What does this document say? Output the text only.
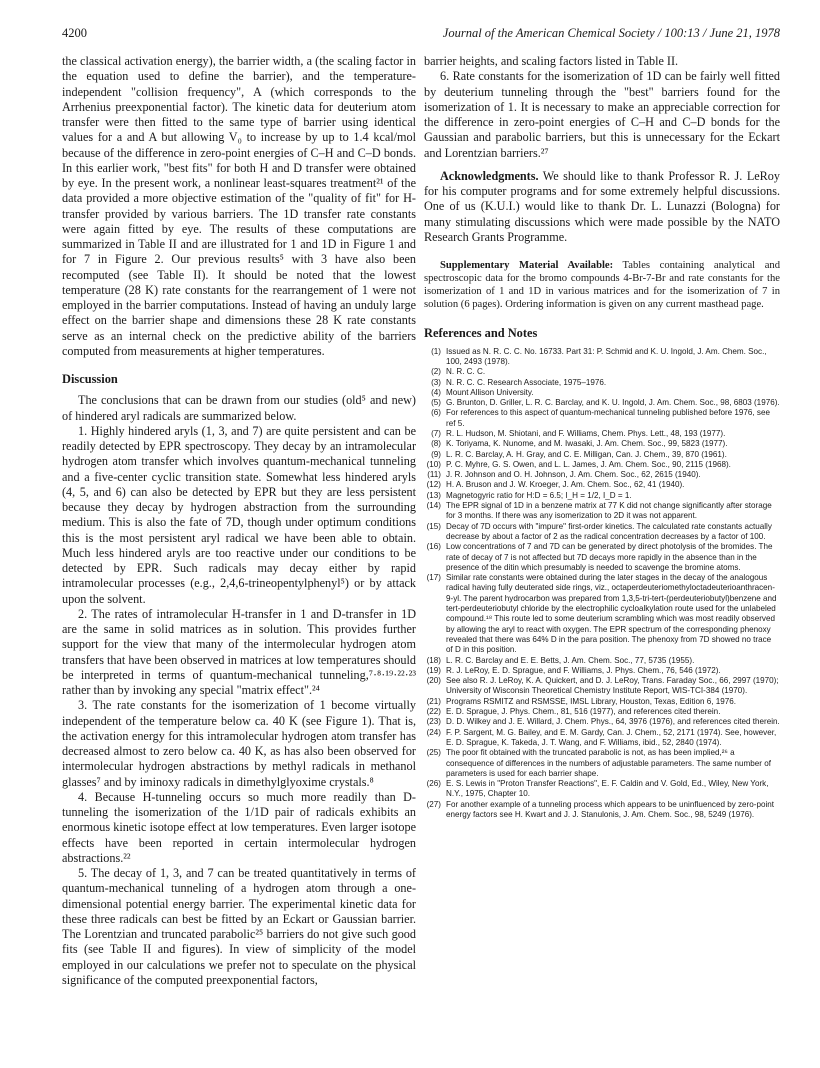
4200	Journal of the American Chemical Society / 100:13 / June 21, 1978

the classical activation energy), the barrier width, a (the scaling factor in the equation used to define the barrier), and the temperature-independent "collision frequency", A (which corresponds to the Arrhenius preexponential factor). The kinetic data for deuterium atom transfer were then fitted to the same type of barrier using identical values for a and A but allowing V₀ to increase by up to 1.4 kcal/mol because of the difference in zero-point energies of C–H and C–D bonds. In this earlier work, "best fits" for both H and D transfer were obtained by eye. In the present work, a nonlinear least-squares treatment²¹ of the data provided a more objective estimation of the "quality of fit" for H-transfer provided by various barriers. The 1D transfer rate constants were again fitted by eye. The results of these computations are summarized in Table II and are illustrated for 1 and 1D in Figure 1 and for 7 in Figure 2. Our previous results⁵ with 3 have also been recomputed (see Table II). It should be noted that the lowest temperature (28 K) rate constants for the rearrangement of 1 were not employed in the barrier computations. Instead of having an unduly large effect on the barrier shape and dimensions these 28 K rate constants serve as an internal check on the predictive ability of the barriers computed from measurements at higher temperatures.

Discussion

The conclusions that can be drawn from our studies (old⁵ and new) of hindered aryl radicals are summarized below.

1. Highly hindered aryls (1, 3, and 7) are quite persistent and can be readily detected by EPR spectroscopy. They decay by an intramolecular hydrogen atom transfer which involves quantum-mechanical tunneling and a five-center cyclic transition state. Somewhat less hindered aryls (4, 5, and 6) can also be detected by EPR but they are less persistent because they decay by hydrogen abstraction from the surrounding medium. This is also the fate of 7D, though under optimum conditions this is the most persistent aryl radical we have been able to obtain. Much less hindered aryls are too reactive under our conditions to be detected by EPR. Such radicals may decay either by rapid intramolecular processes (e.g., 2,4,6-trineopentylphenyl⁵) or by attack upon the solvent.

2. The rates of intramolecular H-transfer in 1 and D-transfer in 1D are the same in solid matrices as in solution. This provides further support for the view that many of the intermolecular hydrogen atom transfers that have been observed in matrices at low temperatures should be interpreted in terms of quantum-mechanical tunneling,⁷·⁸·¹⁹·²²·²³ rather than by invoking any special "matrix effect".²⁴

3. The rate constants for the isomerization of 1 become virtually independent of the temperature below ca. 40 K (see Figure 1). That is, the activation energy for this intramolecular hydrogen atom transfer has decreased almost to zero below ca. 40 K, as has also been observed for intermolecular hydrogen abstractions by methyl radicals in methanol glasses⁷ and by iminoxy radicals in dimethylglyoxime crystals.⁸

4. Because H-tunneling occurs so much more readily than D-tunneling the isomerization of the 1/1D pair of radicals exhibits an enormous kinetic isotope effect at low temperatures. Even larger isotope effects have been reported in certain intermolecular hydrogen abstractions.²²

5. The decay of 1, 3, and 7 can be treated quantitatively in terms of quantum-mechanical tunneling of a hydrogen atom through a one-dimensional potential energy barrier. The experimental kinetic data for these three radicals can best be fitted by an Eckart or Gaussian barrier. The Lorentzian and truncated parabolic²⁵ barriers do not give such good fits (see Table II and figures). In view of simplicity of the model employed in our calculations we prefer not to speculate on the physical significance of the computed preexponential factors,

barrier heights, and scaling factors listed in Table II.

6. Rate constants for the isomerization of 1D can be fairly well fitted by deuterium tunneling through the "best" barriers found for the isomerization of 1. It is necessary to make an appreciable correction for the difference in zero-point energies of C–H and C–D bonds for the Gaussian and parabolic barriers, but this is unnecessary for the Eckart and Lorentzian barriers.²⁷

Acknowledgments. We should like to thank Professor R. J. LeRoy for his computer programs and for some extremely helpful discussions. One of us (K.U.I.) would like to thank Dr. L. Lunazzi (Bologna) for many stimulating discussions which were made possible by the NATO Research Grants Programme.

Supplementary Material Available: Tables containing analytical and spectroscopic data for the bromo compounds 4-Br-7-Br and rate constants for the isomerization of 1 and 1D in various matrices and for the isomerization of 7 in solution (6 pages). Ordering information is given on any current masthead page.

References and Notes
(1) Issued as N. R. C. C. No. 16733. Part 31: P. Schmid and K. U. Ingold, J. Am. Chem. Soc., 100, 2493 (1978).
(2) N. R. C. C.
(3) N. R. C. C. Research Associate, 1975–1976.
(4) Mount Allison University.
(5) G. Brunton, D. Griller, L. R. C. Barclay, and K. U. Ingold, J. Am. Chem. Soc., 98, 6803 (1976).
(6) For references to this aspect of quantum-mechanical tunneling published before 1976, see ref 5.
(7) R. L. Hudson, M. Shiotani, and F. Williams, Chem. Phys. Lett., 48, 193 (1977).
(8) K. Toriyama, K. Nunome, and M. Iwasaki, J. Am. Chem. Soc., 99, 5823 (1977).
(9) L. R. C. Barclay, A. H. Gray, and C. E. Milligan, Can. J. Chem., 39, 870 (1961).
(10) P. C. Myhre, G. S. Owen, and L. L. James, J. Am. Chem. Soc., 90, 2115 (1968).
(11) J. R. Johnson and O. H. Johnson, J. Am. Chem. Soc., 62, 2615 (1940).
(12) H. A. Bruson and J. W. Kroeger, J. Am. Chem. Soc., 62, 41 (1940).
(13) Magnetogyric ratio for H:D = 6.5; I_H = 1/2, I_D = 1.
(14) The EPR signal of 1D in a benzene matrix at 77 K did not change significantly after storage for 3 months. If there was any isomerization to 2D it was not apparent.
(15) Decay of 7D occurs with "impure" first-order kinetics. The calculated rate constants actually decrease by about a factor of 2 as the radical concentration decreases by a factor of 100.
(16) Low concentrations of 7 and 7D can be generated by direct photolysis of the bromides. The rate of decay of 7 is not affected but 7D decays more rapidly in the absence than in the presence of the ditin which presumably is needed to scavenge the bromine atoms.
(17) Similar rate constants were obtained during the later stages in the decay of the analogous radical having fully deuterated side rings, viz., octaperdeuteriomethyloctadeuterioanthracen-9-yl. The parent hydrocarbon was prepared from 1,3,5-tri-tert-(perdeuteriobutyl)benzene and tert-perdeuteriobutyl chloride by the electrophilic cycloalkylation route used for the unlabeled compound.¹⁸ This route led to some deuterium scrambling which was most readily observed by allowing the aryl to react with oxygen. The EPR spectrum of the corresponding phenoxy revealed that there was 64% D in the para position. The phenoxy from 7D showed no trace of D in this position.
(18) L. R. C. Barclay and E. E. Betts, J. Am. Chem. Soc., 77, 5735 (1955).
(19) R. J. LeRoy, E. D. Sprague, and F. Williams, J. Phys. Chem., 76, 546 (1972).
(20) See also R. J. LeRoy, K. A. Quickert, and D. J. LeRoy, Trans. Faraday Soc., 66, 2997 (1970); University of Wisconsin Theoretical Chemistry Institute Report, WIS-TCI-384 (1970).
(21) Programs RSMITZ and RSMSSE, IMSL Library, Houston, Texas, Edition 6, 1976.
(22) E. D. Sprague, J. Phys. Chem., 81, 516 (1977), and references cited therein.
(23) D. D. Wilkey and J. E. Willard, J. Chem. Phys., 64, 3976 (1976), and references cited therein.
(24) F. P. Sargent, M. G. Bailey, and E. M. Gardy, Can. J. Chem., 52, 2171 (1974). See, however, E. D. Sprague, K. Takeda, J. T. Wang, and F. Williams, ibid., 52, 2840 (1974).
(25) The poor fit obtained with the truncated parabolic is not, as has been implied,²⁶ a consequence of differences in the numbers of adjustable parameters. The same number of parameters is used for each barrier shape.
(26) E. S. Lewis in "Proton Transfer Reactions", E. F. Caldin and V. Gold, Ed., Wiley, New York, N.Y., 1975, Chapter 10.
(27) For another example of a tunneling process which appears to be uninfluenced by zero-point energy factors see H. Kwart and J. J. Stanulonis, J. Am. Chem. Soc., 98, 5249 (1976).
